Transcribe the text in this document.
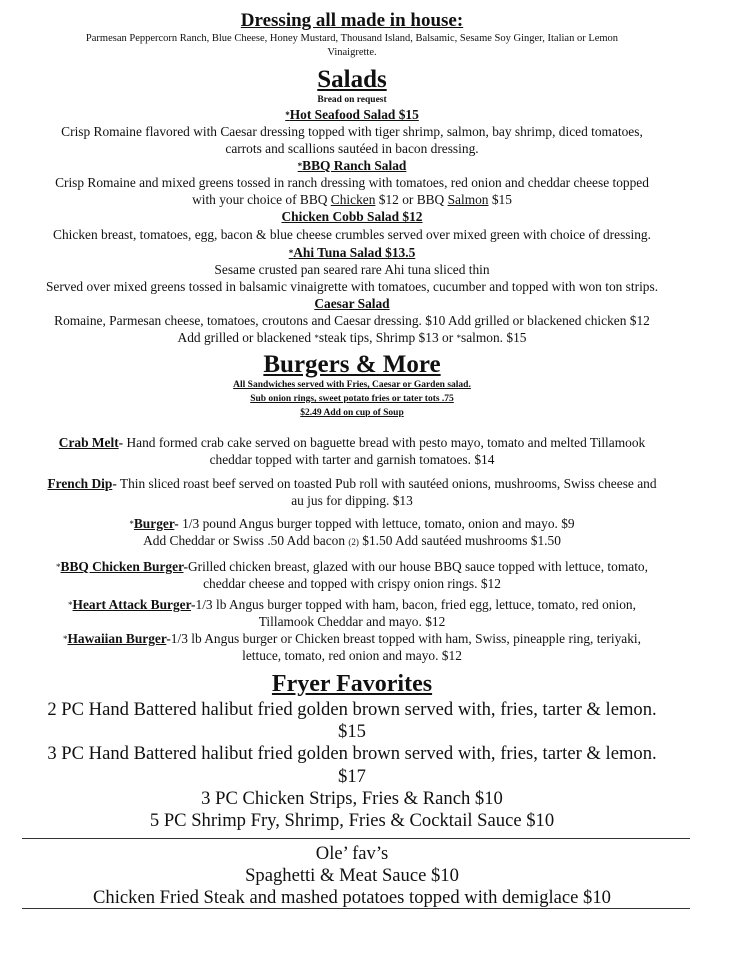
Dressing all made in house:
Parmesan Peppercorn Ranch, Blue Cheese, Honey Mustard, Thousand Island, Balsamic, Sesame Soy Ginger, Italian or Lemon
Vinaigrette.
Salads
Bread on request
*Hot Seafood Salad $15
Crisp Romaine flavored with Caesar dressing topped with tiger shrimp, salmon, bay shrimp, diced tomatoes,
carrots and scallions sautéed in bacon dressing.
*BBQ Ranch Salad
Crisp Romaine and mixed greens tossed in ranch dressing with tomatoes, red onion and cheddar cheese topped
with your choice of BBQ Chicken $12 or BBQ Salmon $15
Chicken Cobb Salad $12
Chicken breast, tomatoes, egg, bacon & blue cheese crumbles served over mixed green with choice of dressing.
*Ahi Tuna Salad $13.5
Sesame crusted pan seared rare Ahi tuna sliced thin
Served over mixed greens tossed in balsamic vinaigrette with tomatoes, cucumber and topped with won ton strips.
Caesar Salad
Romaine, Parmesan cheese, tomatoes, croutons and Caesar dressing. $10 Add grilled or blackened chicken $12
Add grilled or blackened *steak tips, Shrimp $13 or *salmon. $15
Burgers & More
All Sandwiches served with Fries, Caesar or Garden salad.
Sub onion rings, sweet potato fries or tater tots .75
$2.49 Add on cup of Soup
Crab Melt- Hand formed crab cake served on baguette bread with pesto mayo, tomato and melted Tillamook
cheddar topped with tarter and garnish tomatoes. $14
French Dip- Thin sliced roast beef served on toasted Pub roll with sautéed onions, mushrooms, Swiss cheese and
au jus for dipping. $13
*Burger- 1/3 pound Angus burger topped with lettuce, tomato, onion and mayo. $9
Add Cheddar or Swiss .50 Add bacon (2) $1.50 Add sautéed mushrooms $1.50
*BBQ Chicken Burger-Grilled chicken breast, glazed with our house BBQ sauce topped with lettuce, tomato,
cheddar cheese and topped with crispy onion rings. $12
*Heart Attack Burger-1/3 lb Angus burger topped with ham, bacon, fried egg, lettuce, tomato, red onion,
Tillamook Cheddar and mayo. $12
*Hawaiian Burger-1/3 lb Angus burger or Chicken breast topped with ham, Swiss, pineapple ring, teriyaki,
lettuce, tomato, red onion and mayo. $12
Fryer Favorites
2 PC Hand Battered halibut fried golden brown served with, fries, tarter & lemon.
$15
3 PC Hand Battered halibut fried golden brown served with, fries, tarter & lemon.
$17
3 PC Chicken Strips, Fries & Ranch $10
5 PC Shrimp Fry, Shrimp, Fries & Cocktail Sauce $10
Ole’ fav’s
Spaghetti & Meat Sauce $10
Chicken Fried Steak and mashed potatoes topped with demiglace $10
